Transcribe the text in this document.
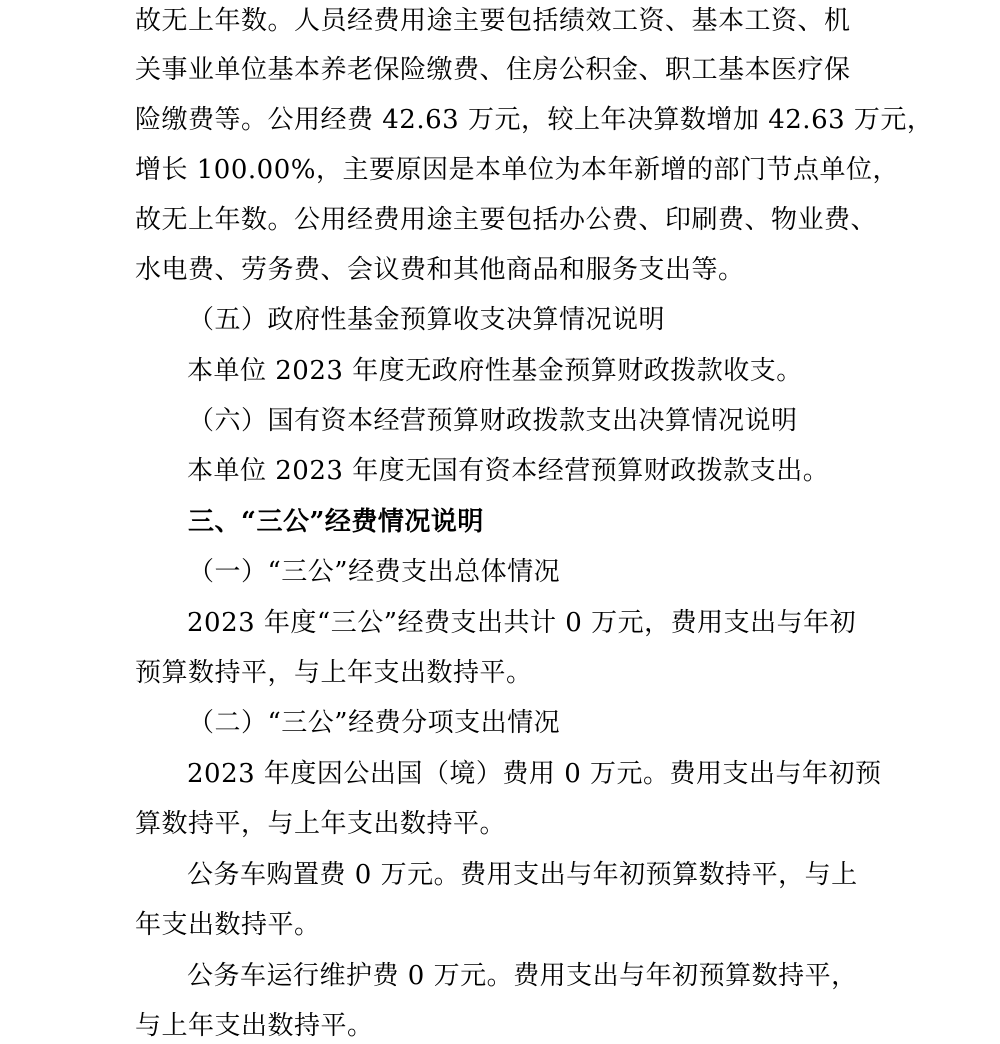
故无上年数。人员经费用途主要包括绩效工资、基本工资、机
关事业单位基本养老保险缴费、住房公积金、职工基本医疗保
险缴费等。公用经费 42.63 万元，较上年决算数增加 42.63 万元，
增长 100.00%，主要原因是本单位为本年新增的部门节点单位，
故无上年数。公用经费用途主要包括办公费、印刷费、物业费、
水电费、劳务费、会议费和其他商品和服务支出等。
（五）政府性基金预算收支决算情况说明
本单位 2023 年度无政府性基金预算财政拨款收支。
（六）国有资本经营预算财政拨款支出决算情况说明
本单位 2023 年度无国有资本经营预算财政拨款支出。
三、“三公”经费情况说明
（一）“三公”经费支出总体情况
2023 年度“三公”经费支出共计 0 万元，费用支出与年初
预算数持平，与上年支出数持平。
（二）“三公”经费分项支出情况
2023 年度因公出国（境）费用 0 万元。费用支出与年初预
算数持平，与上年支出数持平。
公务车购置费 0 万元。费用支出与年初预算数持平，与上
年支出数持平。
公务车运行维护费 0 万元。费用支出与年初预算数持平，
与上年支出数持平。
